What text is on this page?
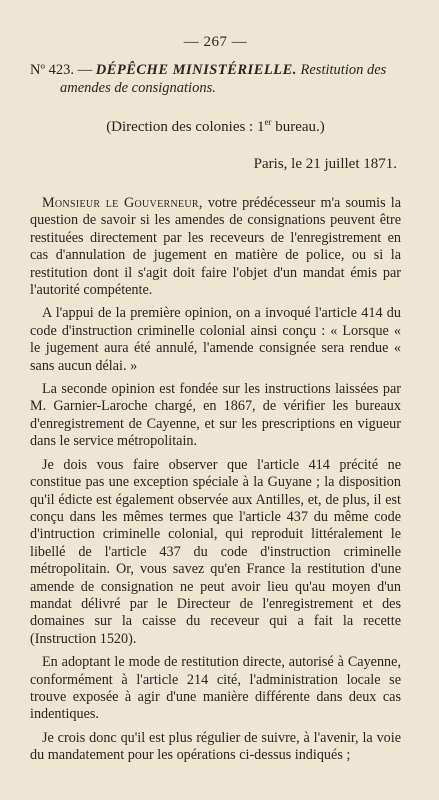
— 267 —
Nº 423. — DÉPÊCHE MINISTÉRIELLE. Restitution des
amendes de consignations.
(Direction des colonies : 1er bureau.)
Paris, le 21 juillet 1871.

Monsieur le Gouverneur, votre prédécesseur m'a soumis la question de savoir si les amendes de consignations peuvent être restituées directement par les receveurs de l'enregistrement en cas d'annulation de jugement en matière de police, ou si la restitution dont il s'agit doit faire l'objet d'un mandat émis par l'autorité compétente.

A l'appui de la première opinion, on a invoqué l'article 414 du code d'instruction criminelle colonial ainsi conçu : « Lorsque « le jugement aura été annulé, l'amende consignée sera rendue « sans aucun délai. »

La seconde opinion est fondée sur les instructions laissées par M. Garnier-Laroche chargé, en 1867, de vérifier les bureaux d'enregistrement de Cayenne, et sur les prescriptions en vigueur dans le service métropolitain.

Je dois vous faire observer que l'article 414 précité ne constitue pas une exception spéciale à la Guyane ; la disposition qu'il édicte est également observée aux Antilles, et, de plus, il est conçu dans les mêmes termes que l'article 437 du même code d'intruction criminelle colonial, qui reproduit littéralement le libellé de l'article 437 du code d'instruction criminelle métropolitain. Or, vous savez qu'en France la restitution d'une amende de consignation ne peut avoir lieu qu'au moyen d'un mandat délivré par le Directeur de l'enregistrement et des domaines sur la caisse du receveur qui a fait la recette (Instruction 1520).

En adoptant le mode de restitution directe, autorisé à Cayenne, conformément à l'article 214 cité, l'administration locale se trouve exposée à agir d'une manière différente dans deux cas indentiques.

Je crois donc qu'il est plus régulier de suivre, à l'avenir, la voie du mandatement pour les opérations ci-dessus indiqués ;
